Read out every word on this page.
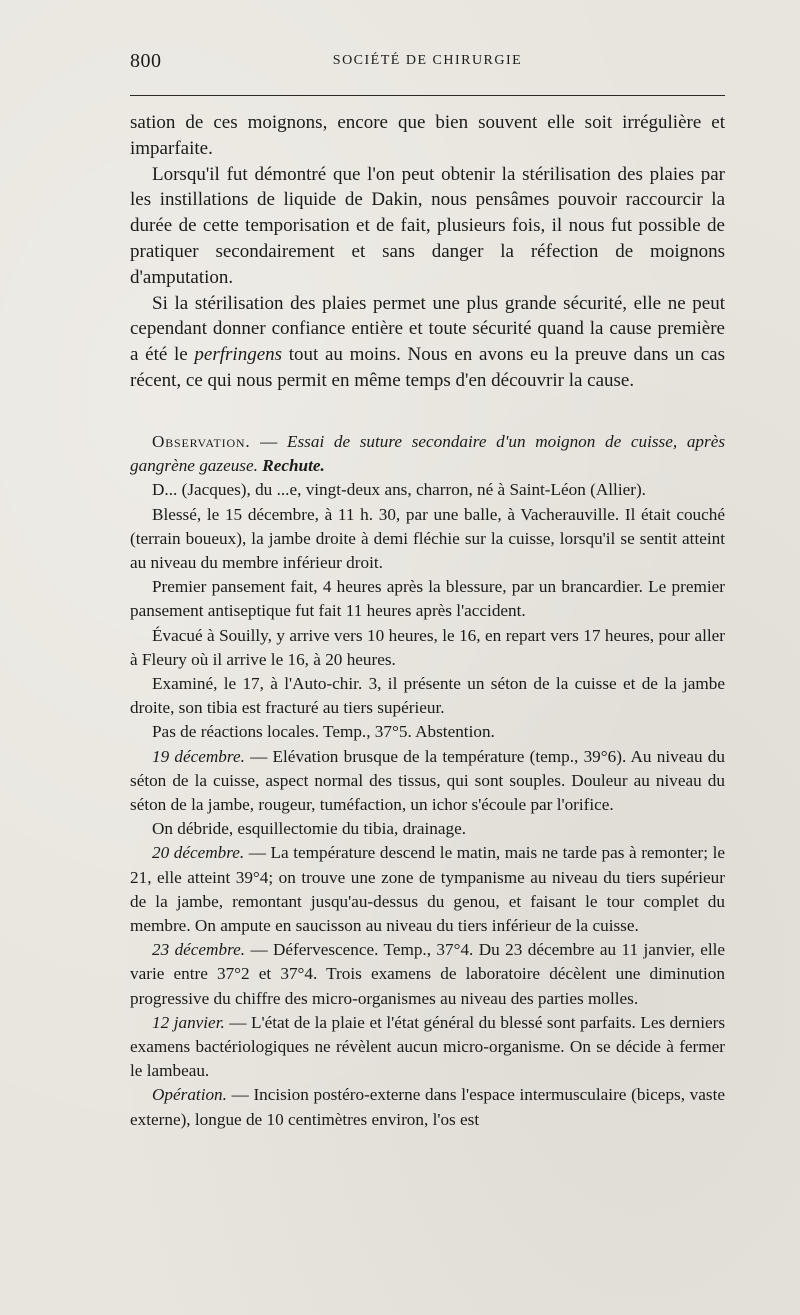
800	SOCIÉTÉ DE CHIRURGIE

sation de ces moignons, encore que bien souvent elle soit irrégulière et imparfaite.

Lorsqu'il fut démontré que l'on peut obtenir la stérilisation des plaies par les instillations de liquide de Dakin, nous pensâmes pouvoir raccourcir la durée de cette temporisation et de fait, plusieurs fois, il nous fut possible de pratiquer secondairement et sans danger la réfection de moignons d'amputation.

Si la stérilisation des plaies permet une plus grande sécurité, elle ne peut cependant donner confiance entière et toute sécurité quand la cause première a été le perfringens tout au moins. Nous en avons eu la preuve dans un cas récent, ce qui nous permit en même temps d'en découvrir la cause.

Observation. — Essai de suture secondaire d'un moignon de cuisse, après gangrène gazeuse. Rechute.

D... (Jacques), du ...e, vingt-deux ans, charron, né à Saint-Léon (Allier).

Blessé, le 15 décembre, à 11 h. 30, par une balle, à Vacherauville. Il était couché (terrain boueux), la jambe droite à demi fléchie sur la cuisse, lorsqu'il se sentit atteint au niveau du membre inférieur droit.

Premier pansement fait, 4 heures après la blessure, par un brancardier. Le premier pansement antiseptique fut fait 11 heures après l'accident.

Évacué à Souilly, y arrive vers 10 heures, le 16, en repart vers 17 heures, pour aller à Fleury où il arrive le 16, à 20 heures.

Examiné, le 17, à l'Auto-chir. 3, il présente un séton de la cuisse et de la jambe droite, son tibia est fracturé au tiers supérieur.

Pas de réactions locales. Temp., 37°5. Abstention.

19 décembre. — Elévation brusque de la température (temp., 39°6). Au niveau du séton de la cuisse, aspect normal des tissus, qui sont souples. Douleur au niveau du séton de la jambe, rougeur, tuméfaction, un ichor s'écoule par l'orifice.

On débride, esquillectomie du tibia, drainage.

20 décembre. — La température descend le matin, mais ne tarde pas à remonter; le 21, elle atteint 39°4; on trouve une zone de tympanisme au niveau du tiers supérieur de la jambe, remontant jusqu'au-dessus du genou, et faisant le tour complet du membre. On ampute en saucisson au niveau du tiers inférieur de la cuisse.

23 décembre. — Défervescence. Temp., 37°4. Du 23 décembre au 11 janvier, elle varie entre 37°2 et 37°4. Trois examens de laboratoire décèlent une diminution progressive du chiffre des micro-organismes au niveau des parties molles.

12 janvier. — L'état de la plaie et l'état général du blessé sont parfaits. Les derniers examens bactériologiques ne révèlent aucun micro-organisme. On se décide à fermer le lambeau.

Opération. — Incision postéro-externe dans l'espace intermusculaire (biceps, vaste externe), longue de 10 centimètres environ, l'os est
